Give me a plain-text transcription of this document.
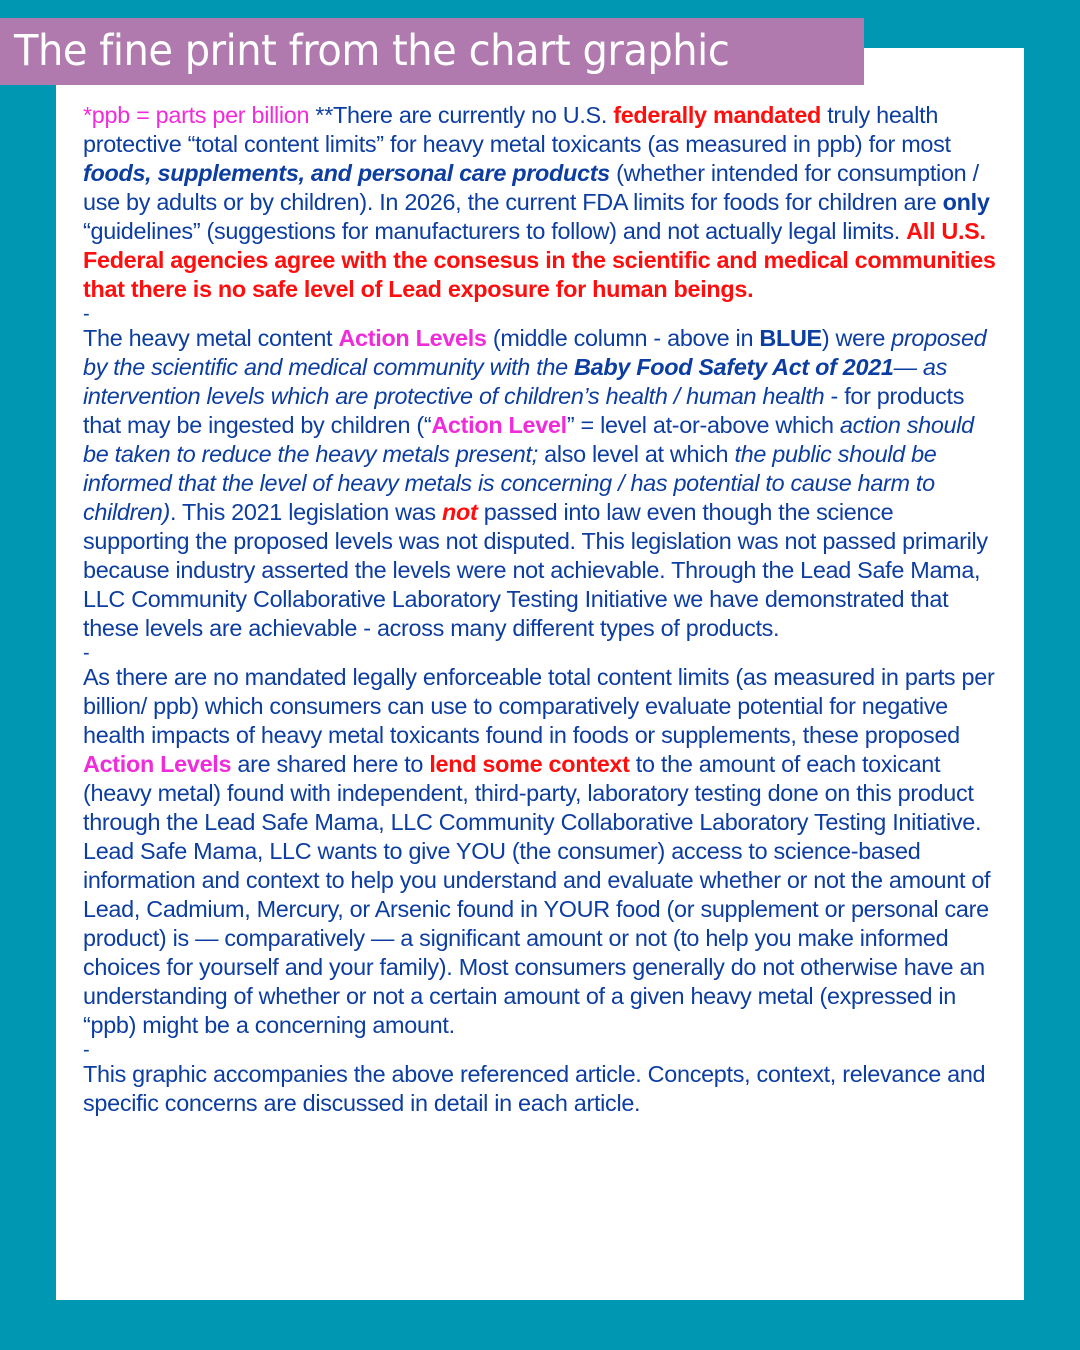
The fine print from the chart graphic

*ppb = parts per billion **There are currently no U.S. federally mandated truly health protective “total content limits” for heavy metal toxicants (as measured in ppb) for most foods, supplements, and personal care products (whether intended for consumption / use by adults or by children). In 2026, the current FDA limits for foods for children are only “guidelines” (suggestions for manufacturers to follow) and not actually legal limits. All U.S. Federal agencies agree with the consesus in the scientific and medical communities that there is no safe level of Lead exposure for human beings.

-

The heavy metal content Action Levels (middle column - above in BLUE) were proposed by the scientific and medical community with the Baby Food Safety Act of 2021— as intervention levels which are protective of children’s health / human health - for products that may be ingested by children (“Action Level” = level at-or-above which action should be taken to reduce the heavy metals present; also level at which the public should be informed that the level of heavy metals is concerning / has potential to cause harm to children). This 2021 legislation was not passed into law even though the science supporting the proposed levels was not disputed. This legislation was not passed primarily because industry asserted the levels were not achievable. Through the Lead Safe Mama, LLC Community Collaborative Laboratory Testing Initiative we have demonstrated that these levels are achievable - across many different types of products.

-

As there are no mandated legally enforceable total content limits (as measured in parts per billion/ ppb) which consumers can use to comparatively evaluate potential for negative health impacts of heavy metal toxicants found in foods or supplements, these proposed Action Levels are shared here to lend some context to the amount of each toxicant (heavy metal) found with independent, third-party, laboratory testing done on this product through the Lead Safe Mama, LLC Community Collaborative Laboratory Testing Initiative. Lead Safe Mama, LLC wants to give YOU (the consumer) access to science-based information and context to help you understand and evaluate whether or not the amount of Lead, Cadmium, Mercury, or Arsenic found in YOUR food (or supplement or personal care product) is — comparatively — a significant amount or not (to help you make informed choices for yourself and your family). Most consumers generally do not otherwise have an understanding of whether or not a certain amount of a given heavy metal (expressed in “ppb) might be a concerning amount.

-

This graphic accompanies the above referenced article. Concepts, context, relevance and specific concerns are discussed in detail in each article.
